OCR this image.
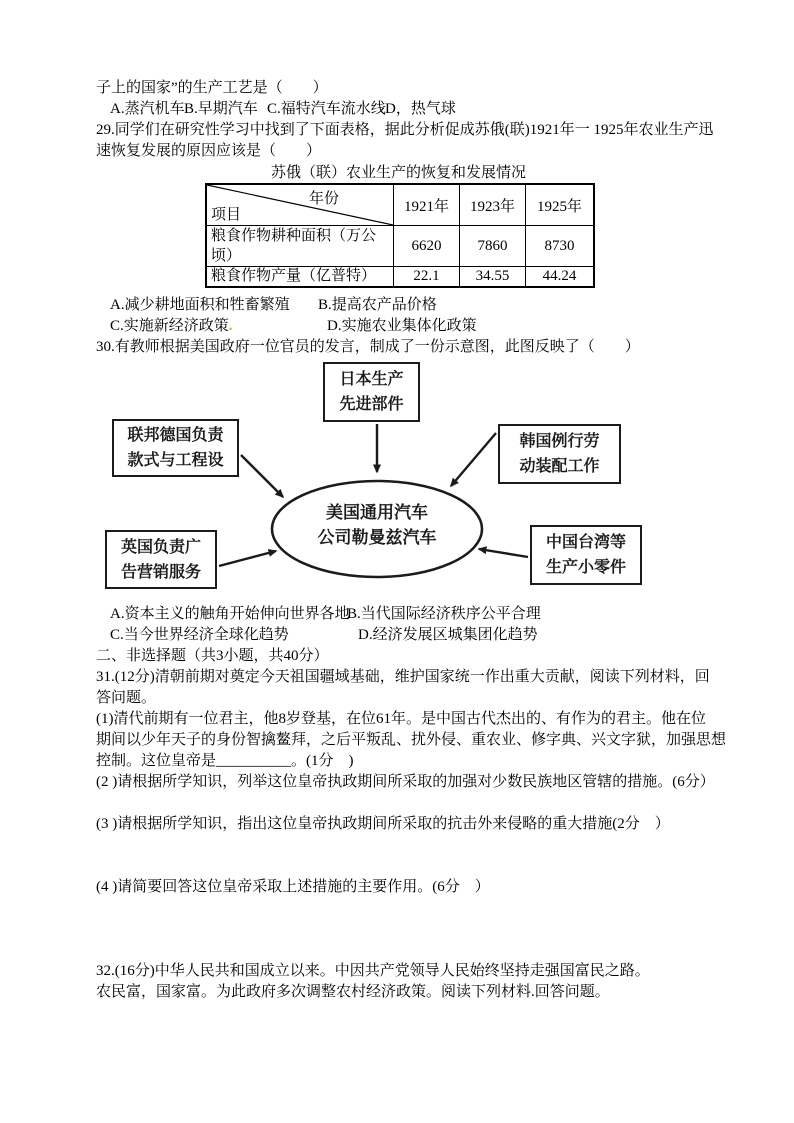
子上的国家”的生产工艺是（　　）
A.蒸汽机车 B.早期汽车 C.福特汽车流水线 D，热气球
29.同学们在研究性学习中找到了下面表格，据此分析促成苏俄(联)1921年一 1925年农业生产迅
速恢复发展的原因应该是（　　）
苏俄（联）农业生产的恢复和发展情况
年份
项目	1921年	1923年	1925年
粮食作物耕种面积（万公顷）	6620	7860	8730
粮食作物产量（亿普特）	22.1	34.55	44.24
A.减少耕地面积和牲畜繁殖 B.提高农产品价格
C.实施新经济政策.	D.实施农业集体化政策
30.有教师根据美国政府一位官员的发言，制成了一份示意图，此图反映了（　　）
日本生产
先进部件
联邦德国负责
款式与工程设
韩国例行劳
动装配工作
英国负责广
告营销服务
中国台湾等
生产小零件
美国通用汽车
公司勒曼兹汽车
A.资本主义的触角开始伸向世界各地
B.当代国际经济秩序公平合理
C.当今世界经济全球化趋势	D.经济发展区城集团化趋势
二、非选择题（共3小题，共40分）
31.(12分)清朝前期对奠定今天祖国疆域基础，维护国家统一作出重大贡献，阅读下列材料，回
答问题。
(1)清代前期有一位君主，他8岁登基，在位61年。是中国古代杰出的、有作为的君主。他在位
期间以少年天子的身份智擒鳌拜，之后平叛乱、扰外侵、重农业、修字典、兴文字狱，加强思想
控制。这位皇帝是__________。(1分　)
(2 )请根据所学知识，列举这位皇帝执政期间所采取的加强对少数民族地区管辖的措施。(6分）
(3 )请根据所学知识，指出这位皇帝执政期间所采取的抗击外来侵略的重大措施(2分　）
(4 )请简要回答这位皇帝采取上述措施的主要作用。(6分　）
32.(16分)中华人民共和国成立以来。中因共产党领导人民始终坚持走强国富民之路。
农民富，国家富。为此政府多次调整农村经济政策。阅读下列材料.回答问题。
